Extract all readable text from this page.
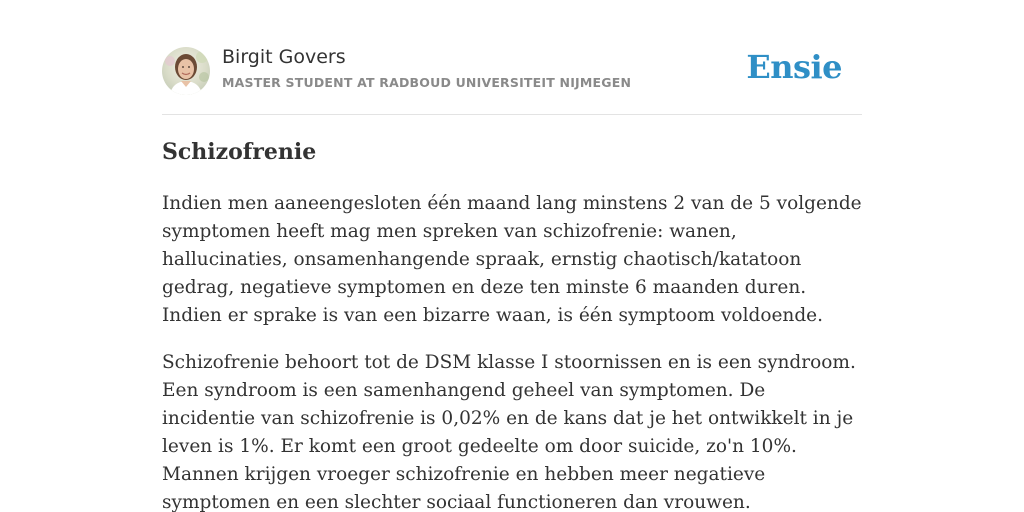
Birgit Govers
MASTER STUDENT AT RADBOUD UNIVERSITEIT NIJMEGEN	Ensie
Schizofrenie

Indien men aaneengesloten één maand lang minstens 2 van de 5 volgende symptomen heeft mag men spreken van schizofrenie: wanen, hallucinaties, onsamenhangende spraak, ernstig chaotisch/katatoon gedrag, negatieve symptomen en deze ten minste 6 maanden duren. Indien er sprake is van een bizarre waan, is één symptoom voldoende.

Schizofrenie behoort tot de DSM klasse I stoornissen en is een syndroom. Een syndroom is een samenhangend geheel van symptomen. De incidentie van schizofrenie is 0,02% en de kans dat je het ontwikkelt in je leven is 1%. Er komt een groot gedeelte om door suicide, zo'n 10%. Mannen krijgen vroeger schizofrenie en hebben meer negatieve symptomen en een slechter sociaal functioneren dan vrouwen.
